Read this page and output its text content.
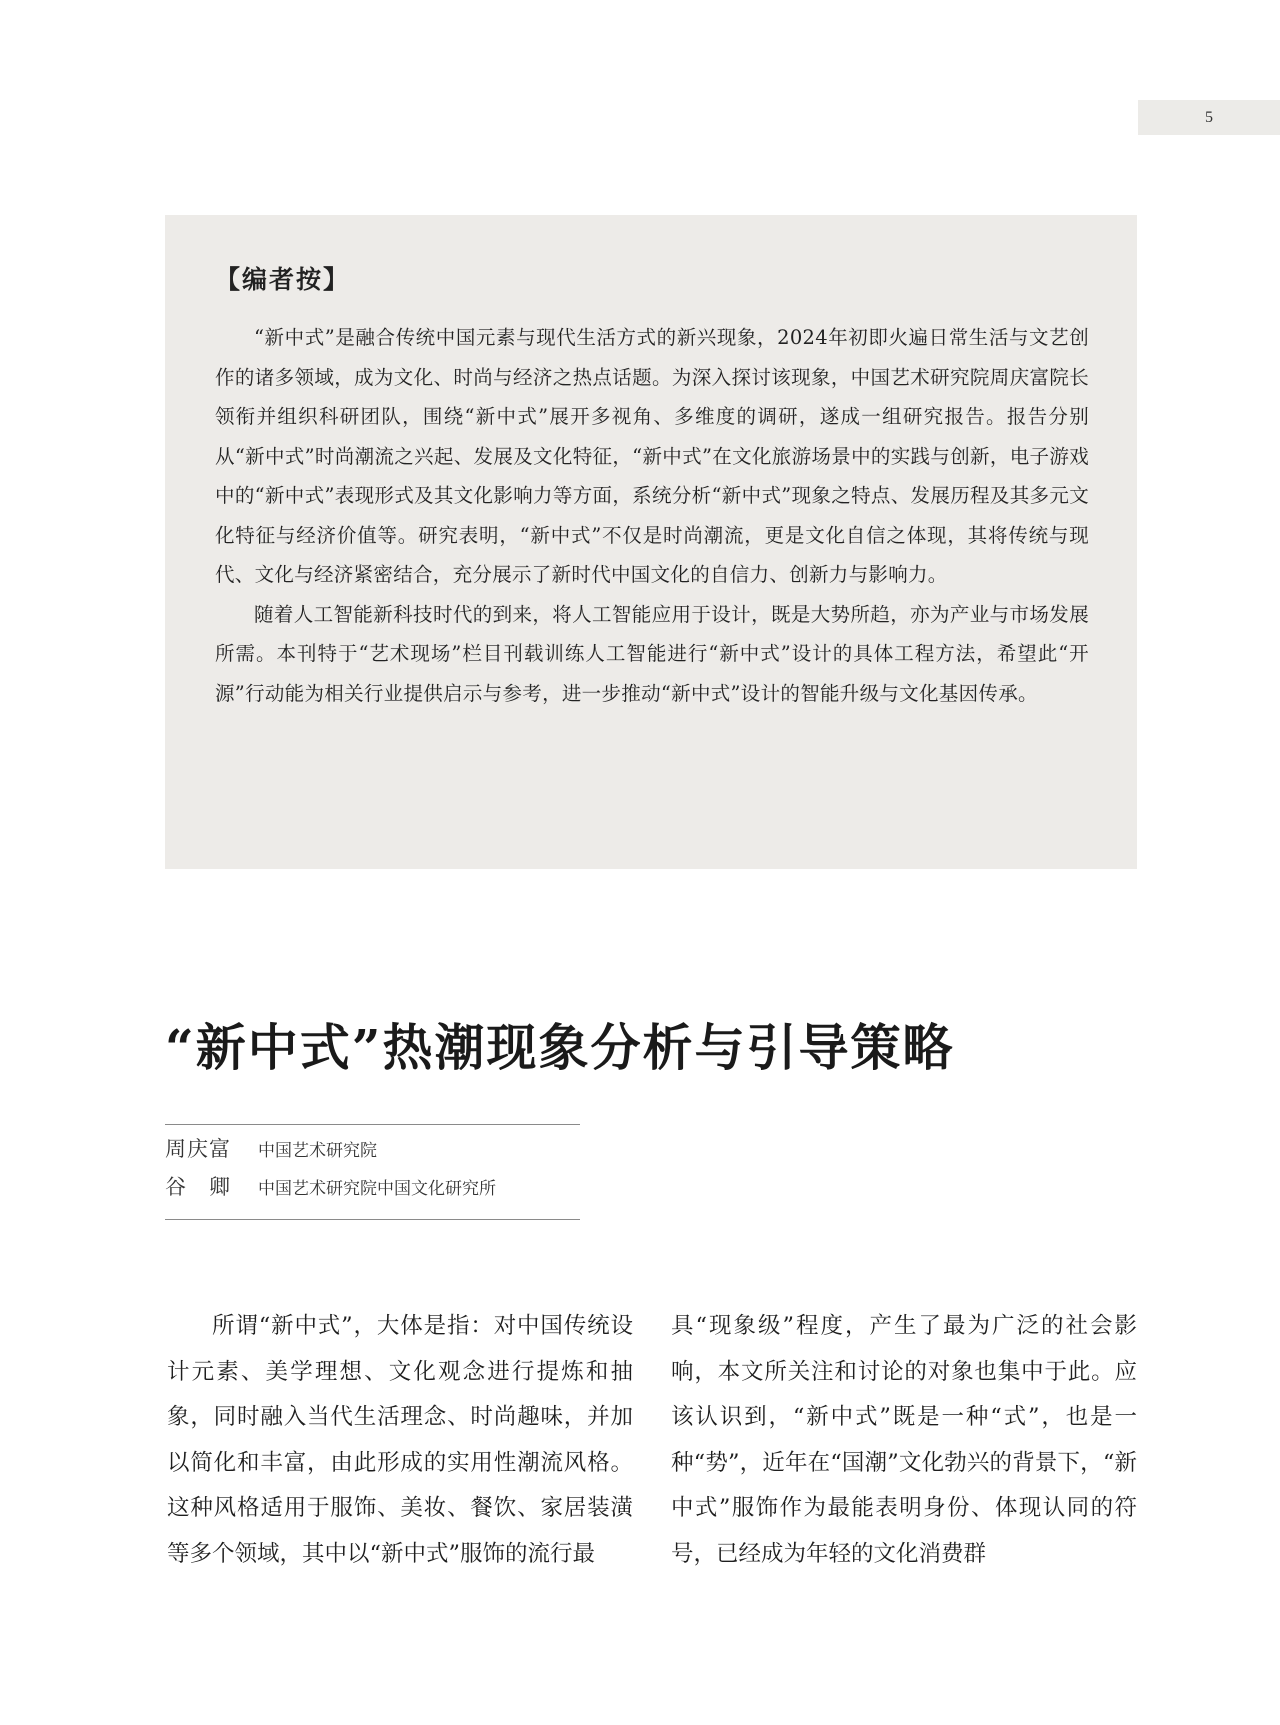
5
【编者按】

“新中式”是融合传统中国元素与现代生活方式的新兴现象，2024年初即火遍日常生活与文艺创作的诸多领域，成为文化、时尚与经济之热点话题。为深入探讨该现象，中国艺术研究院周庆富院长领衔并组织科研团队，围绕“新中式”展开多视角、多维度的调研，遂成一组研究报告。报告分别从“新中式”时尚潮流之兴起、发展及文化特征，“新中式”在文化旅游场景中的实践与创新，电子游戏中的“新中式”表现形式及其文化影响力等方面，系统分析“新中式”现象之特点、发展历程及其多元文化特征与经济价值等。研究表明，“新中式”不仅是时尚潮流，更是文化自信之体现，其将传统与现代、文化与经济紧密结合，充分展示了新时代中国文化的自信力、创新力与影响力。

随着人工智能新科技时代的到来，将人工智能应用于设计，既是大势所趋，亦为产业与市场发展所需。本刊特于“艺术现场”栏目刊载训练人工智能进行“新中式”设计的具体工程方法，希望此“开源”行动能为相关行业提供启示与参考，进一步推动“新中式”设计的智能升级与文化基因传承。

“新中式”热潮现象分析与引导策略
周庆富	中国艺术研究院
谷　卿	中国艺术研究院中国文化研究所

所谓“新中式”，大体是指：对中国传统设计元素、美学理想、文化观念进行提炼和抽象，同时融入当代生活理念、时尚趣味，并加以简化和丰富，由此形成的实用性潮流风格。这种风格适用于服饰、美妆、餐饮、家居装潢等多个领域，其中以“新中式”服饰的流行最

具“现象级”程度，产生了最为广泛的社会影响，本文所关注和讨论的对象也集中于此。应该认识到，“新中式”既是一种“式”，也是一种“势”，近年在“国潮”文化勃兴的背景下，“新中式”服饰作为最能表明身份、体现认同的符号，已经成为年轻的文化消费群
